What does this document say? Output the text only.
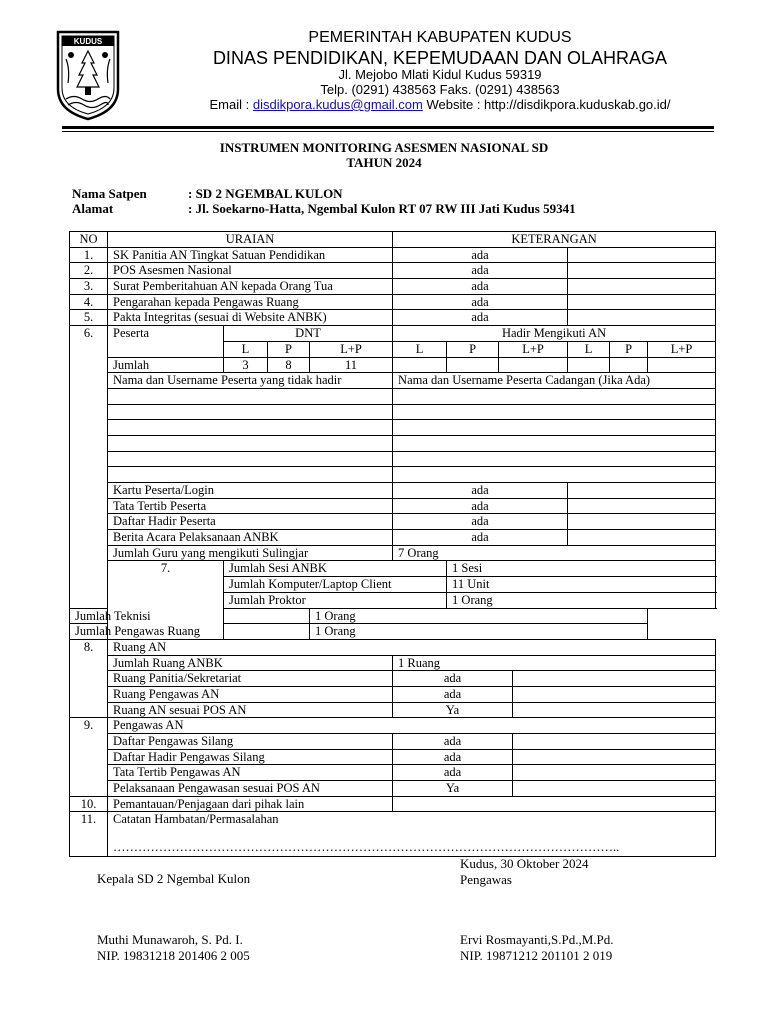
KUDUS	PEMERINTAH KABUPATEN KUDUS
DINAS PENDIDIKAN, KEPEMUDAAN DAN OLAHRAGA
Jl. Mejobo Mlati Kidul Kudus 59319
Telp. (0291) 438563 Faks. (0291) 438563
Email : disdikpora.kudus@gmail.com Website : http://disdikpora.kuduskab.go.id/
INSTRUMEN MONITORING ASESMEN NASIONAL SD
TAHUN 2024
Nama Satpen	: SD 2 NGEMBAL KULON
Alamat	: Jl. Soekarno-Hatta, Ngembal Kulon RT 07 RW III Jati Kudus 59341
NO	URAIAN				KETERANGAN						
1.	SK Panitia AN Tingkat Satuan Pendidikan				ada						
2.	POS Asesmen Nasional				ada						
3.	Surat Pemberitahuan AN kepada Orang Tua				ada						
4.	Pengarahan kepada Pengawas Ruang				ada						
5.	Pakta Integritas (sesuai di Website ANBK)				ada						
6.	Peserta	DNT			Hadir Mengikuti AN						
		L	P	L+P	L	P	L+P		L	P	L+P
	Jumlah	3	8	11							
	Nama dan Username Peserta yang tidak hadir				Nama dan Username Peserta Cadangan (Jika Ada)						

	Kartu Peserta/Login				ada						
	Tata Tertib Peserta				ada						
	Daftar Hadir Peserta				ada						
	Berita Acara Pelaksanaan ANBK				ada						
	Jumlah Guru yang mengikuti Sulingjar				7 Orang						
	7.	Jumlah Sesi ANBK				1 Sesi					
		Jumlah Komputer/Laptop Client				11 Unit					
		Jumlah Proktor				1 Orang					
Jumlah Teknisi				1 Orang							
Jumlah Pengawas Ruang				1 Orang							
8.	Ruang AN										
	Jumlah Ruang ANBK				1 Ruang						
	Ruang Panitia/Sekretariat				ada						
	Ruang Pengawas AN				ada						
	Ruang AN sesuai POS AN				Ya						
9.	Pengawas AN										
	Daftar Pengawas Silang				ada						
	Daftar Hadir Pengawas Silang				ada						
	Tata Tertib Pengawas AN				ada						
	Pelaksanaan Pengawasan sesuai POS AN				Ya						
10.	Pemantauan/Penjagaan dari pihak lain										
11.	Catatan Hambatan/Permasalahan
…………………………………………………………………………………………………………..										
Kepala SD 2 Ngembal Kulon
Kudus, 30 Oktober 2024
Pengawas
Muthi Munawaroh, S. Pd. I.
NIP. 19831218 201406 2 005
Ervi Rosmayanti,S.Pd.,M.Pd.
NIP. 19871212 201101 2 019
